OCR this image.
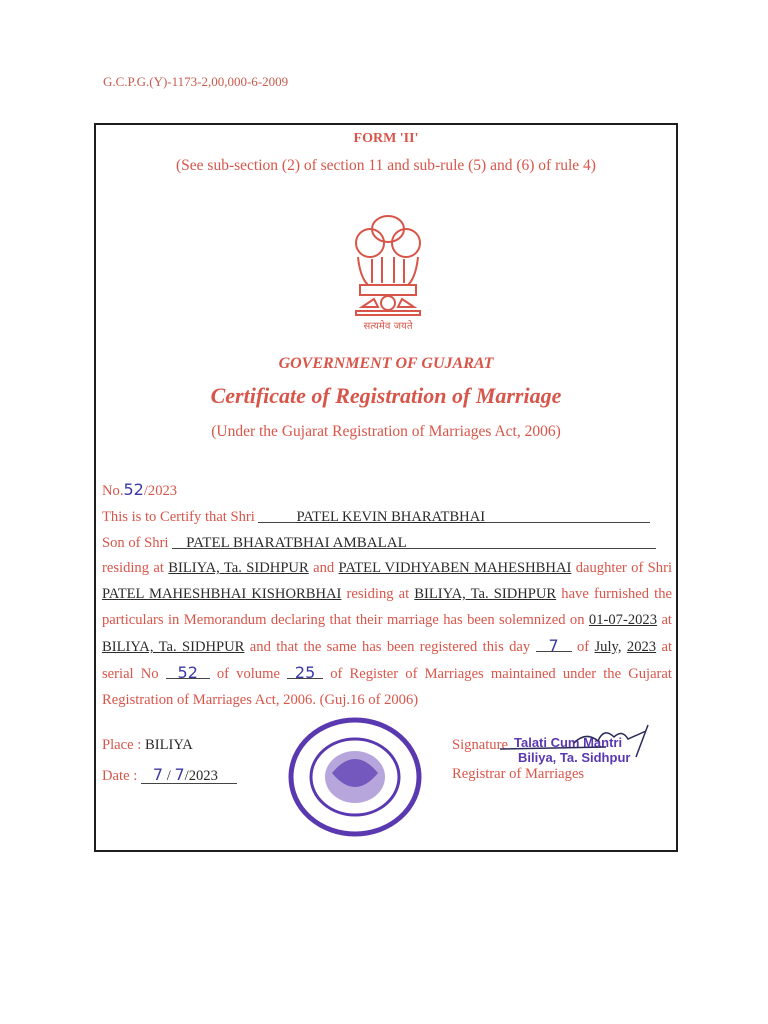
G.C.P.G.(Y)-1173-2,00,000-6-2009
FORM 'II'
(See sub-section (2) of section 11 and sub-rule (5) and (6) of rule 4)
सत्यमेव जयते
GOVERNMENT OF GUJARAT
Certificate of Registration of Marriage
(Under the Gujarat Registration of Marriages Act, 2006)
No.52/2023
This is to Certify that Shri	PATEL KEVIN BHARATBHAI
Son of Shri PATEL BHARATBHAI AMBALAL
residing at BILIYA, Ta. SIDHPUR and PATEL VIDHYABEN MAHESHBHAI daughter of Shri PATEL MAHESHBHAI KISHORBHAI residing at BILIYA, Ta. SIDHPUR have furnished the particulars in Memorandum declaring that their marriage has been solemnized on 01-07-2023 at BILIYA, Ta. SIDHPUR and that the same has been registered this day 7 of July, 2023 at serial No 52 of volume 25 of Register of Marriages maintained under the Gujarat Registration of Marriages Act, 2006. (Guj.16 of 2006)
Place : BILIYA
Date : 7 / 7/2023
Signature
Registrar of Marriages
Talati Cum Mantri
Biliya, Ta. Sidhpur
